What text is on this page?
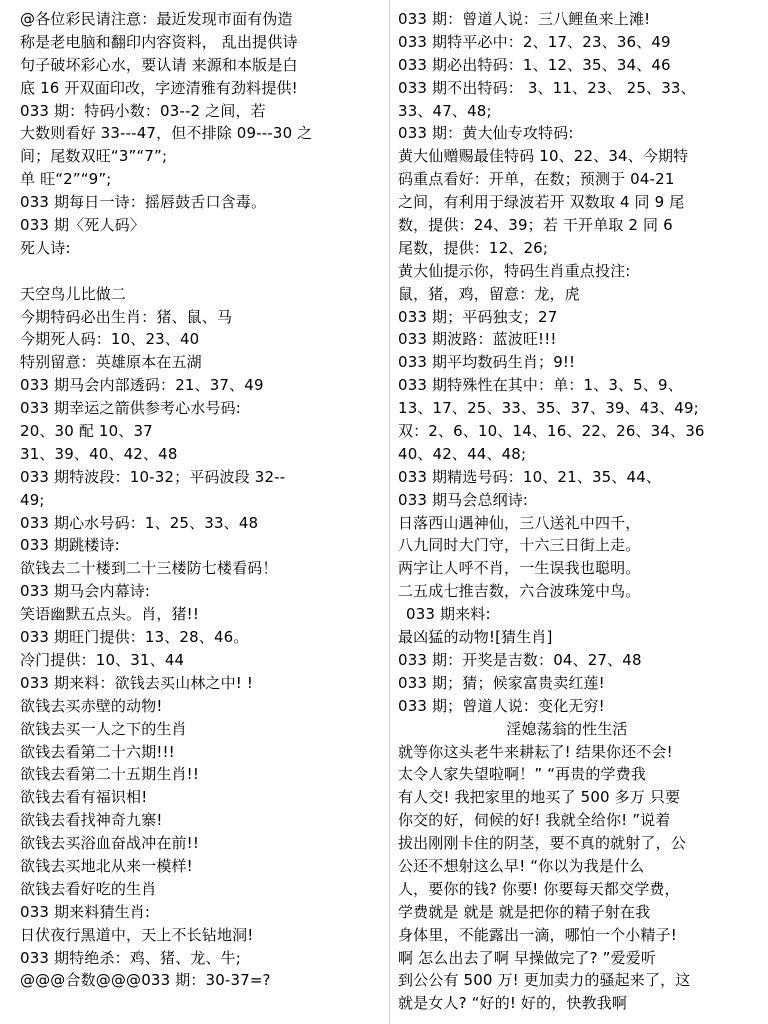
@各位彩民请注意：最近发现市面有伪造
称是老电脑和翻印内容资料， 乱出提供诗
句子破坏彩心水，要认请 来源和本版是白
底 16 开双面印改，字迹清雅有劲料提供!
033 期：特码小数：03--2 之间，若
大数则看好 33---47，但不排除 09---30 之
间；尾数双旺“3”“7”;
单 旺“2”“9”;
033 期每日一诗：摇唇鼓舌口含毒。
033 期〈死人码〉
死人诗:
天空鸟儿比做二
今期特码必出生肖：猪、鼠、马
今期死人码：10、23、40
特别留意：英雄原本在五湖
033 期马会内部透码：21、37、49
033 期幸运之箭供参考心水号码:
20、30 配 10、37
31、39、40、42、48
033 期特波段：10-32；平码波段 32--
49;
033 期心水号码：1、25、33、48
033 期跳楼诗:
欲钱去二十楼到二十三楼防七楼看码！
033 期马会内幕诗:
笑语幽默五点头。肖，猪!!
033 期旺门提供：13、28、46。
冷门提供：10、31、44
033 期来料：欲钱去买山林之中! !
欲钱去买赤壁的动物!
欲钱去买一人之下的生肖
欲钱去看第二十六期!!!
欲钱去看第二十五期生肖!!
欲钱去看有福识相!
欲钱去看找神奇九寨!
欲钱去买浴血奋战冲在前!!
欲钱去买地北从来一模样!
欲钱去看好吃的生肖
033 期来料猜生肖:
日伏夜行黑道中，天上不长钻地洞!
033 期特绝杀：鸡、猪、龙、牛;
@@@合数@@@033 期：30-37=?
033 期：曾道人说：三八鲤鱼来上滩!
033 期特平必中：2、17、23、36、49
033 期必出特码：1、12、35、34、46
033 期不出特码： 3、11、23、 25、33、
33、47、48;
033 期：黄大仙专攻特码:
黄大仙赠赐最佳特码 10、22、34、今期特
码重点看好：开单，在数；预测于 04-21
之间，有利用于绿波若开 双数取 4 同 9 尾
数，提供：24、39；若 干开单取 2 同 6
尾数，提供：12、26;
黄大仙提示你，特码生肖重点投注:
鼠，猪，鸡，留意：龙，虎
033 期；平码独支；27
033 期波路：蓝波旺!!!
033 期平均数码生肖；9!!
033 期特殊性在其中：单：1、3、5、9、
13、17、25、33、35、37、39、43、49;
双：2、6、10、14、16、22、26、34、36
40、42、44、48;
033 期精选号码：10、21、35、44、
033 期马会总纲诗:
日落西山遇神仙，三八送礼中四千，
八九同时大门守，十六三日街上走。
两字让人呼不肖，一生误我也聪明。
二五成七推吉数，六合波珠笼中鸟。
033 期来料:
最凶猛的动物![猜生肖]
033 期：开奖是吉数：04、27、48
033 期；猜；候家富贵卖红莲!
033 期；曾道人说：变化无穷!
淫媳荡翁的性生活
就等你这头老牛来耕耘了! 结果你还不会!
太令人家失望啦啊！” “再贵的学费我
有人交! 我把家里的地买了 500 多万 只要
你交的好，伺候的好! 我就全给你! ”说着
拔出刚刚卡住的阴茎，要不真的就射了，公
公还不想射这么早! “你以为我是什么
人，要你的钱? 你要! 你要每天都交学费，
学费就是 就是 就是把你的精子射在我
身体里，不能露出一滴，哪怕一个小精子!
啊 怎么出去了啊 早操做完了? ”爱爱听
到公公有 500 万! 更加卖力的骚起来了，这
就是女人? “好的! 好的，快教我啊
